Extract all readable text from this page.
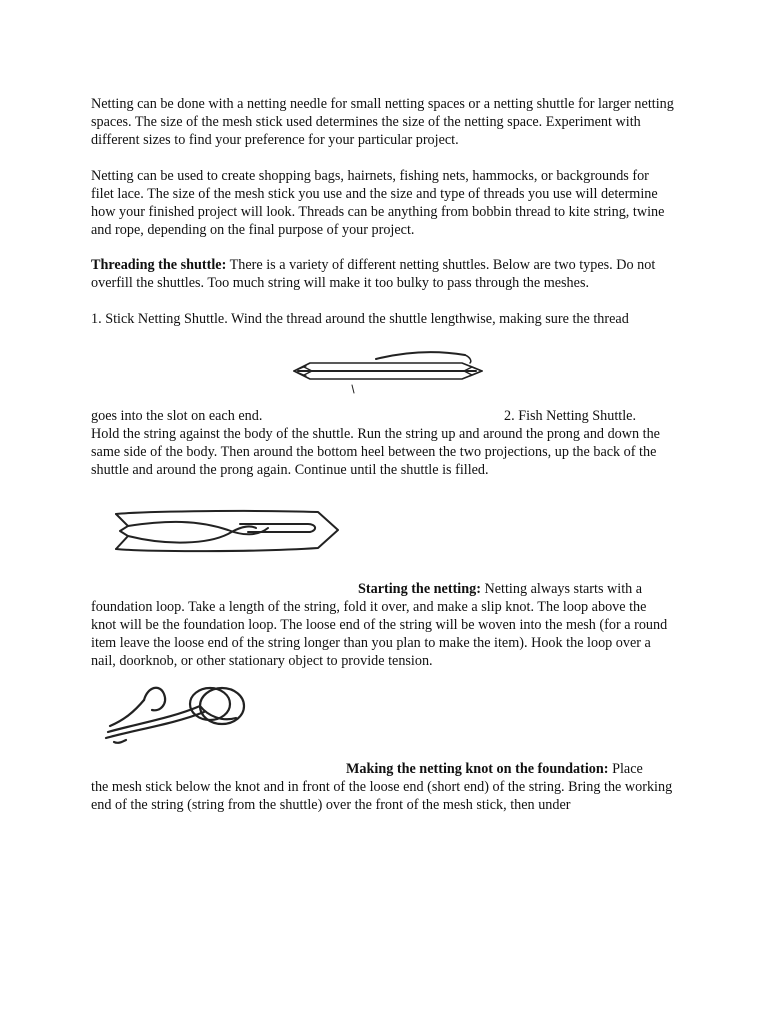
Netting can be done with a netting needle for small netting spaces or a netting shuttle for larger netting spaces. The size of the mesh stick used determines the size of the netting space. Experiment with different sizes to find your preference for your particular project.

Netting can be used to create shopping bags, hairnets, fishing nets, hammocks, or backgrounds for filet lace. The size of the mesh stick you use and the size and type of threads you use will determine how your finished project will look. Threads can be anything from bobbin thread to kite string, twine and rope, depending on the final purpose of your project.

Threading the shuttle: There is a variety of different netting shuttles. Below are two types. Do not overfill the shuttles. Too much string will make it too bulky to pass through the meshes.

1. Stick Netting Shuttle. Wind the thread around the shuttle lengthwise, making sure the thread

goes into the slot on each end.	2. Fish Netting Shuttle.

Hold the string against the body of the shuttle. Run the string up and around the prong and down the same side of the body. Then around the bottom heel between the two projections, up the back of the shuttle and around the prong again. Continue until the shuttle is filled.

Starting the netting: Netting always starts with a

foundation loop. Take a length of the string, fold it over, and make a slip knot. The loop above the knot will be the foundation loop. The loose end of the string will be woven into the mesh (for a round item leave the loose end of the string longer than you plan to make the item). Hook the loop over a nail, doorknob, or other stationary object to provide tension.

Making the netting knot on the foundation: Place

the mesh stick below the knot and in front of the loose end (short end) of the string. Bring the working end of the string (string from the shuttle) over the front of the mesh stick, then under
